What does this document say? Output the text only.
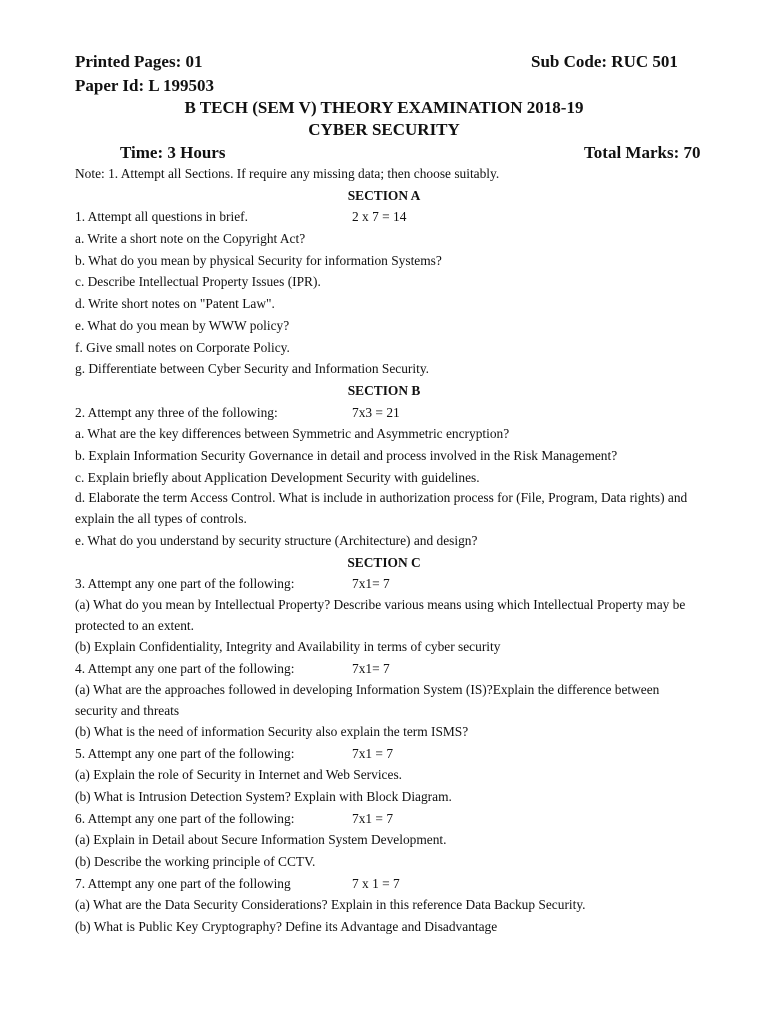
Printed Pages: 01	Sub Code: RUC 501
Paper Id: L 199503
B TECH (SEM V) THEORY EXAMINATION 2018-19
CYBER SECURITY
Time: 3 Hours	Total Marks: 70
Note: 1. Attempt all Sections. If require any missing data; then choose suitably.
SECTION A
1. Attempt all questions in brief.	2 x 7 = 14
a. Write a short note on the Copyright Act?
b. What do you mean by physical Security for information Systems?
c. Describe Intellectual Property Issues (IPR).
d. Write short notes on "Patent Law".
e. What do you mean by WWW policy?
f. Give small notes on Corporate Policy.
g. Differentiate between Cyber Security and Information Security.
SECTION B
2. Attempt any three of the following:	7x3 = 21
a. What are the key differences between Symmetric and Asymmetric encryption?
b. Explain Information Security Governance in detail and process involved in the Risk Management?
c. Explain briefly about Application Development Security with guidelines.
d. Elaborate the term Access Control. What is include in authorization process for (File, Program, Data rights) and explain the all types of controls.
e. What do you understand by security structure (Architecture) and design?
SECTION C
3. Attempt any one part of the following:	7x1= 7
(a) What do you mean by Intellectual Property? Describe various means using which Intellectual Property may be protected to an extent.
(b) Explain Confidentiality, Integrity and Availability in terms of cyber security
4. Attempt any one part of the following:	7x1= 7
(a) What are the approaches followed in developing Information System (IS)?Explain the difference between security and threats
(b) What is the need of information Security also explain the term ISMS?
5. Attempt any one part of the following:	7x1 = 7
(a) Explain the role of Security in Internet and Web Services.
(b) What is Intrusion Detection System? Explain with Block Diagram.
6. Attempt any one part of the following:	7x1 = 7
(a) Explain in Detail about Secure Information System Development.
(b) Describe the working principle of CCTV.
7. Attempt any one part of the following	7 x 1 = 7
(a) What are the Data Security Considerations? Explain in this reference Data Backup Security.
(b) What is Public Key Cryptography? Define its Advantage and Disadvantage
